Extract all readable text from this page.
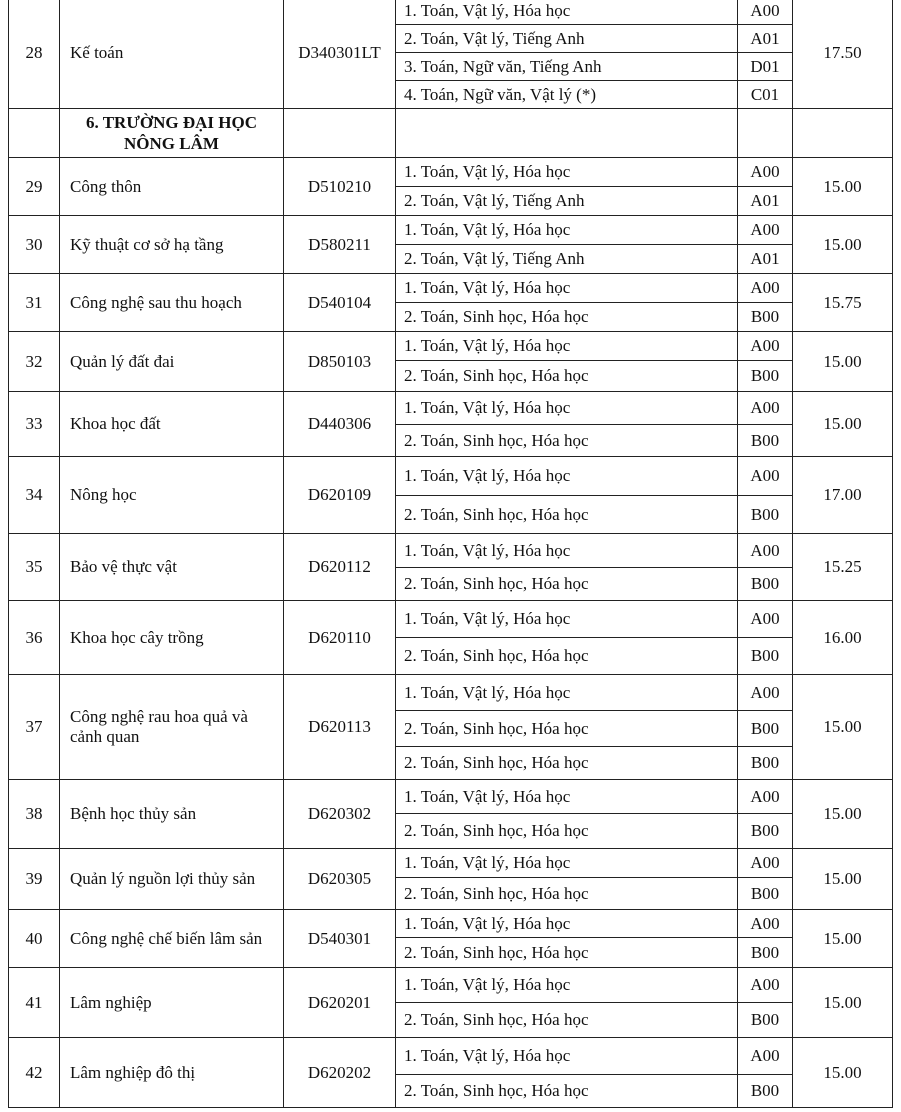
28	Kế toán	D340301LT	1. Toán, Vật lý, Hóa học	A00	17.50
			2. Toán, Vật lý, Tiếng Anh	A01	
			3. Toán, Ngữ văn, Tiếng Anh	D01	
			4. Toán, Ngữ văn, Vật lý (*)	C01	
	6. TRƯỜNG ĐẠI HỌC NÔNG LÂM				
29	Công thôn	D510210	1. Toán, Vật lý, Hóa học	A00	15.00
			2. Toán, Vật lý, Tiếng Anh	A01	
30	Kỹ thuật cơ sở hạ tầng	D580211	1. Toán, Vật lý, Hóa học	A00	15.00
			2. Toán, Vật lý, Tiếng Anh	A01	
31	Công nghệ sau thu hoạch	D540104	1. Toán, Vật lý, Hóa học	A00	15.75
			2. Toán, Sinh học, Hóa học	B00	
32	Quản lý đất đai	D850103	1. Toán, Vật lý, Hóa học	A00	15.00
			2. Toán, Sinh học, Hóa học	B00	
33	Khoa học đất	D440306	1. Toán, Vật lý, Hóa học	A00	15.00
			2. Toán, Sinh học, Hóa học	B00	
34	Nông học	D620109	1. Toán, Vật lý, Hóa học	A00	17.00
			2. Toán, Sinh học, Hóa học	B00	
35	Bảo vệ thực vật	D620112	1. Toán, Vật lý, Hóa học	A00	15.25
			2. Toán, Sinh học, Hóa học	B00	
36	Khoa học cây trồng	D620110	1. Toán, Vật lý, Hóa học	A00	16.00
			2. Toán, Sinh học, Hóa học	B00	
37	Công nghệ rau hoa quả và cảnh quan	D620113	1. Toán, Vật lý, Hóa học	A00	15.00
			2. Toán, Sinh học, Hóa học	B00	
			2. Toán, Sinh học, Hóa học	B00	
38	Bệnh học thủy sản	D620302	1. Toán, Vật lý, Hóa học	A00	15.00
			2. Toán, Sinh học, Hóa học	B00	
39	Quản lý nguồn lợi thủy sản	D620305	1. Toán, Vật lý, Hóa học	A00	15.00
			2. Toán, Sinh học, Hóa học	B00	
40	Công nghệ chế biến lâm sản	D540301	1. Toán, Vật lý, Hóa học	A00	15.00
			2. Toán, Sinh học, Hóa học	B00	
41	Lâm nghiệp	D620201	1. Toán, Vật lý, Hóa học	A00	15.00
			2. Toán, Sinh học, Hóa học	B00	
42	Lâm nghiệp đô thị	D620202	1. Toán, Vật lý, Hóa học	A00	15.00
			2. Toán, Sinh học, Hóa học	B00	
